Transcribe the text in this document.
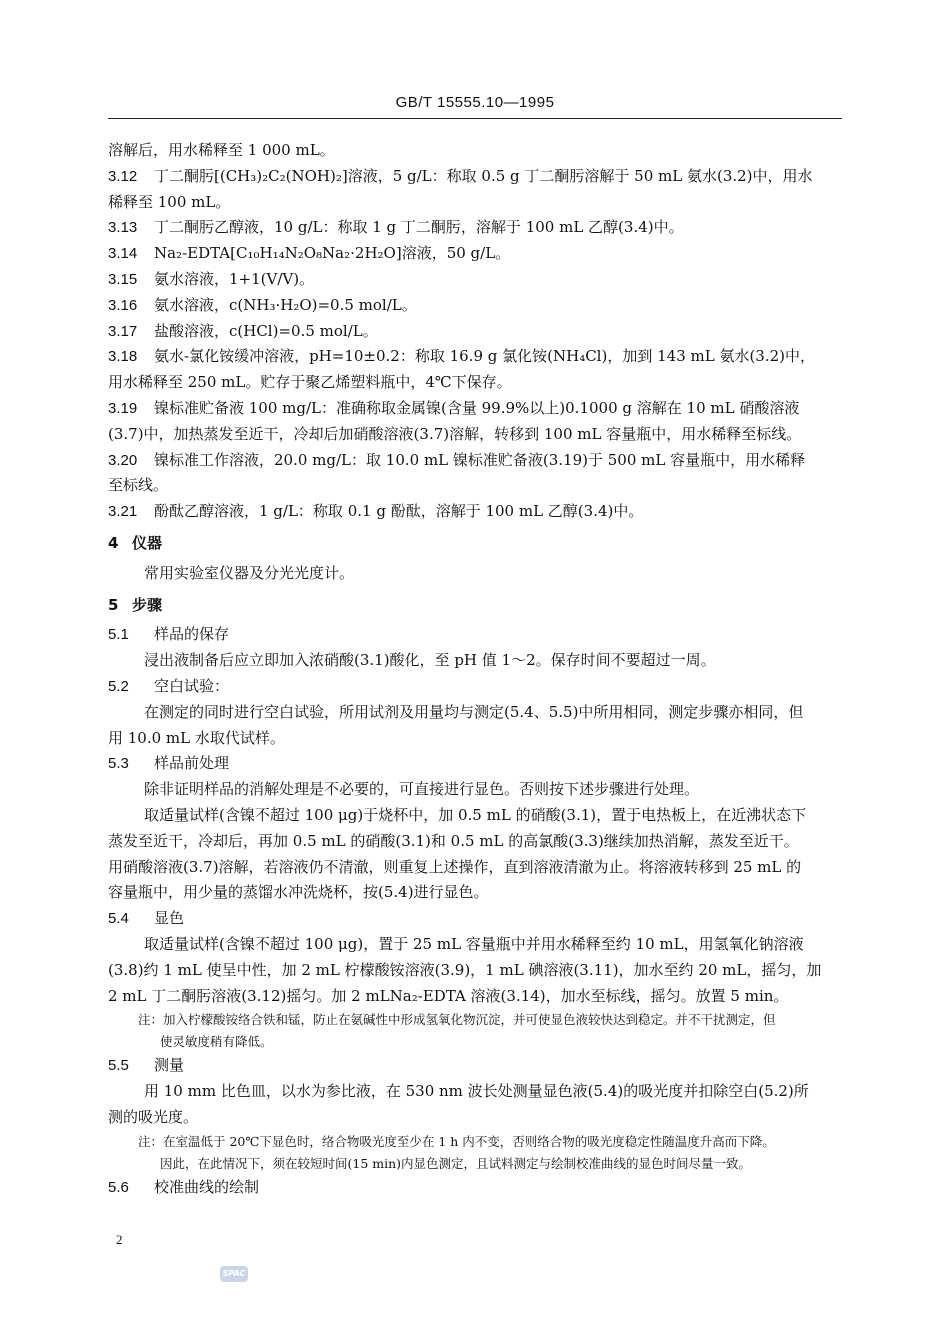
GB/T 15555.10—1995

溶解后，用水稀释至 1 000 mL。

3.12 丁二酮肟[(CH₃)₂C₂(NOH)₂]溶液，5 g/L：称取 0.5 g 丁二酮肟溶解于 50 mL 氨水(3.2)中，用水

稀释至 100 mL。

3.13 丁二酮肟乙醇液，10 g/L：称取 1 g 丁二酮肟，溶解于 100 mL 乙醇(3.4)中。

3.14 Na₂-EDTA[C₁₀H₁₄N₂O₈Na₂·2H₂O]溶液，50 g/L。

3.15 氨水溶液，1+1(V/V)。

3.16 氨水溶液，c(NH₃·H₂O)=0.5 mol/L。

3.17 盐酸溶液，c(HCl)=0.5 mol/L。

3.18 氨水-氯化铵缓冲溶液，pH=10±0.2：称取 16.9 g 氯化铵(NH₄Cl)，加到 143 mL 氨水(3.2)中，

用水稀释至 250 mL。贮存于聚乙烯塑料瓶中，4℃下保存。

3.19 镍标准贮备液 100 mg/L：准确称取金属镍(含量 99.9%以上)0.1000 g 溶解在 10 mL 硝酸溶液

(3.7)中，加热蒸发至近干，冷却后加硝酸溶液(3.7)溶解，转移到 100 mL 容量瓶中，用水稀释至标线。

3.20 镍标准工作溶液，20.0 mg/L：取 10.0 mL 镍标准贮备液(3.19)于 500 mL 容量瓶中，用水稀释

至标线。

3.21 酚酞乙醇溶液，1 g/L：称取 0.1 g 酚酞，溶解于 100 mL 乙醇(3.4)中。

4 仪器

常用实验室仪器及分光光度计。

5 步骤

5.1 样品的保存

浸出液制备后应立即加入浓硝酸(3.1)酸化，至 pH 值 1～2。保存时间不要超过一周。

5.2 空白试验：

在测定的同时进行空白试验，所用试剂及用量均与测定(5.4、5.5)中所用相同，测定步骤亦相同，但

用 10.0 mL 水取代试样。

5.3 样品前处理

除非证明样品的消解处理是不必要的，可直接进行显色。否则按下述步骤进行处理。

取适量试样(含镍不超过 100 μg)于烧杯中，加 0.5 mL 的硝酸(3.1)，置于电热板上，在近沸状态下

蒸发至近干，冷却后，再加 0.5 mL 的硝酸(3.1)和 0.5 mL 的高氯酸(3.3)继续加热消解，蒸发至近干。

用硝酸溶液(3.7)溶解，若溶液仍不清澈，则重复上述操作，直到溶液清澈为止。将溶液转移到 25 mL 的

容量瓶中，用少量的蒸馏水冲洗烧杯，按(5.4)进行显色。

5.4 显色

取适量试样(含镍不超过 100 μg)，置于 25 mL 容量瓶中并用水稀释至约 10 mL，用氢氧化钠溶液

(3.8)约 1 mL 使呈中性，加 2 mL 柠檬酸铵溶液(3.9)，1 mL 碘溶液(3.11)，加水至约 20 mL，摇匀，加

2 mL 丁二酮肟溶液(3.12)摇匀。加 2 mLNa₂-EDTA 溶液(3.14)，加水至标线，摇匀。放置 5 min。

注：加入柠檬酸铵络合铁和锰，防止在氨碱性中形成氢氧化物沉淀，并可使显色液较快达到稳定。并不干扰测定，但

使灵敏度稍有降低。

5.5 测量

用 10 mm 比色皿，以水为参比液，在 530 nm 波长处测量显色液(5.4)的吸光度并扣除空白(5.2)所

测的吸光度。

注：在室温低于 20℃下显色时，络合物吸光度至少在 1 h 内不变，否则络合物的吸光度稳定性随温度升高而下降。

因此，在此情况下，须在较短时间(15 min)内显色测定，且试料测定与绘制校准曲线的显色时间尽量一致。

5.6 校准曲线的绘制

2
SPAC
